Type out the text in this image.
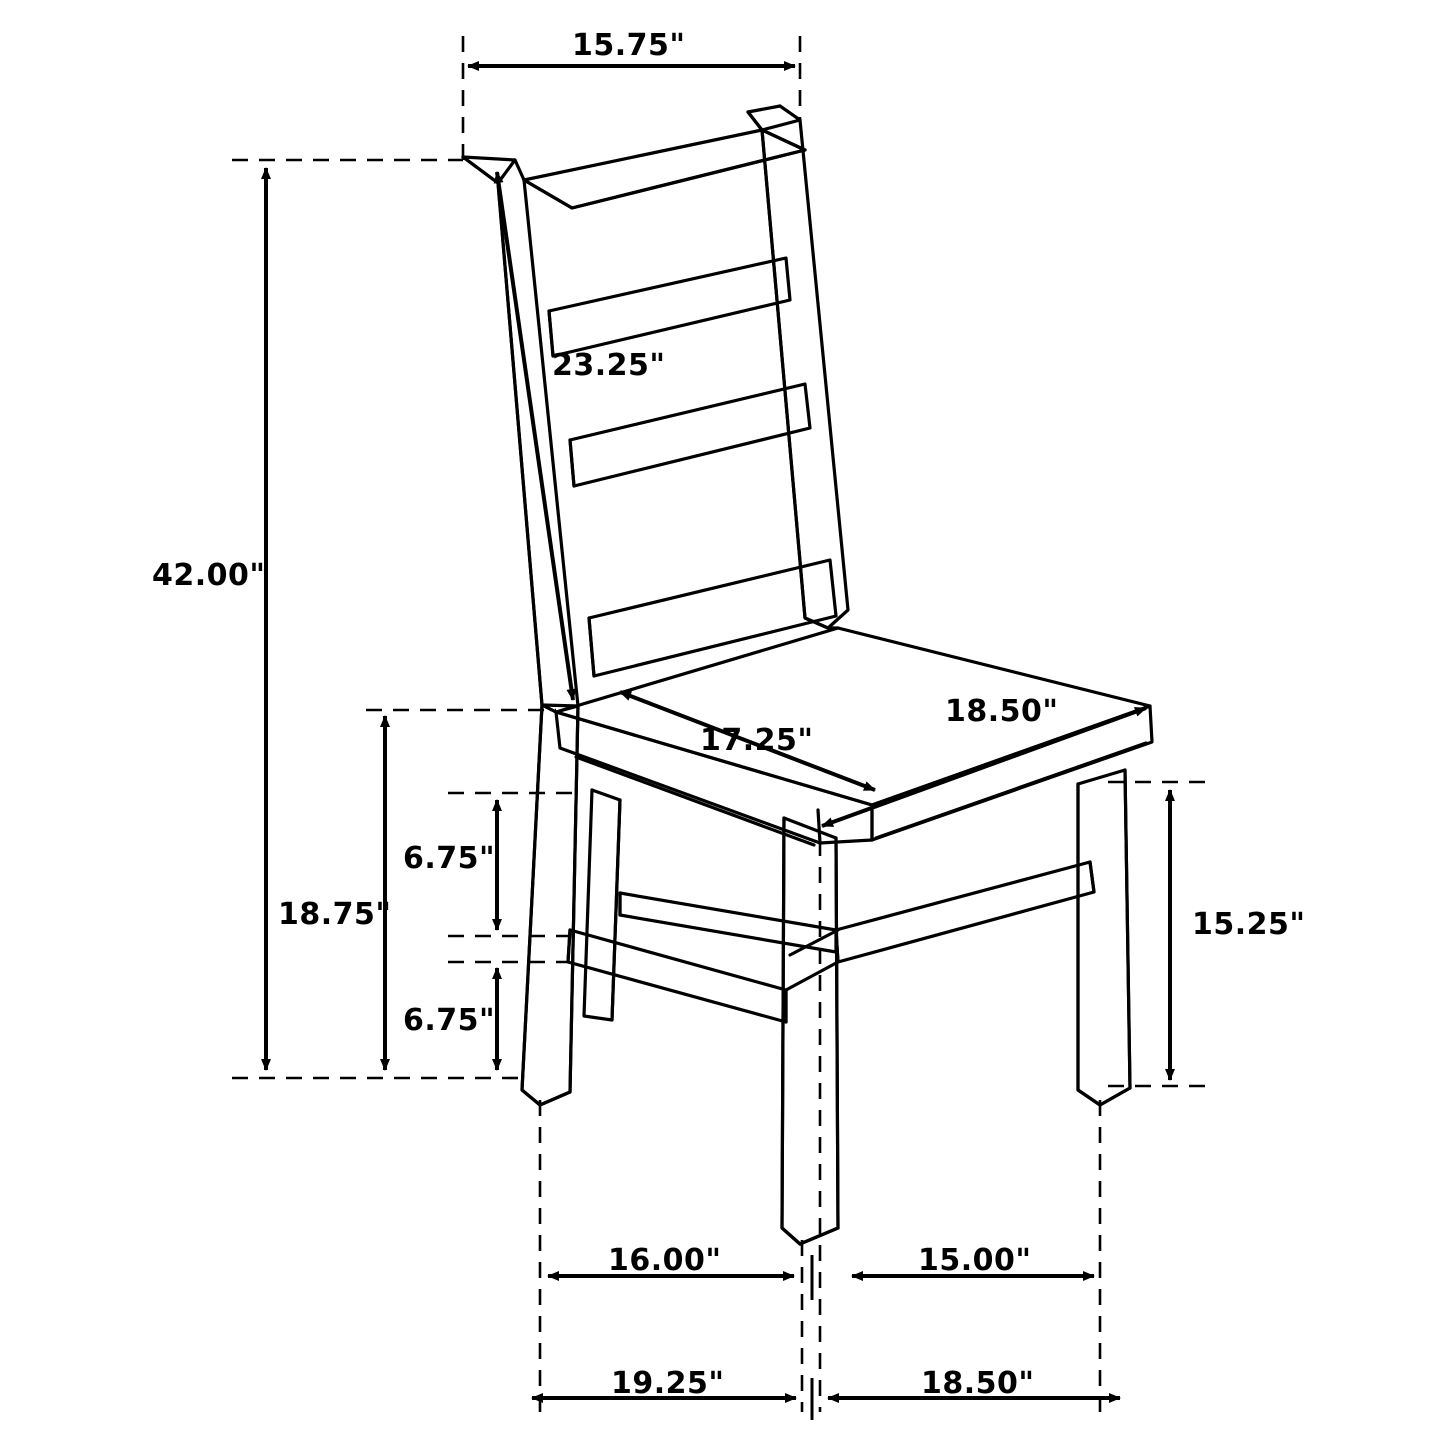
15.75"
42.00"
23.25"
17.25"
18.50"
6.75"
6.75"
18.75"	15.25"
16.00"	15.00"
19.25"	18.50"
